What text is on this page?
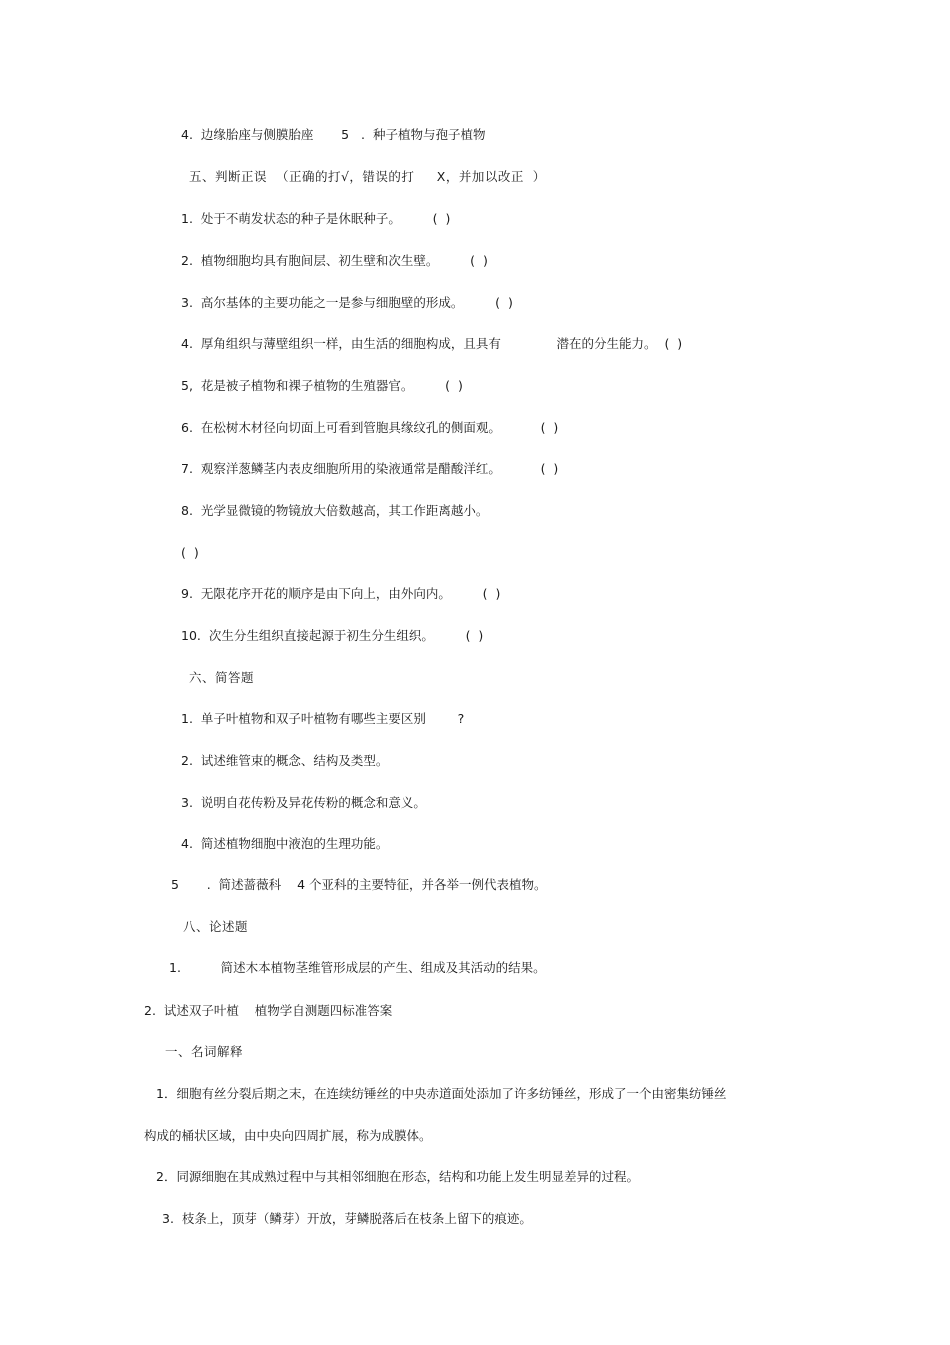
4.  边缘胎座与侧膜胎座       5   .  种子植物与孢子植物
五、判断正误  （正确的打√，错误的打     X，并加以改正  ）
1.  处于不萌发状态的种子是休眠种子。        (  )
2.  植物细胞均具有胞间层、初生壁和次生壁。        (  )
3.  高尔基体的主要功能之一是参与细胞壁的形成。        (  )
4.  厚角组织与薄壁组织一样，由生活的细胞构成，且具有              潜在的分生能力。  (  )
5,  花是被子植物和裸子植物的生殖器官。        (  )
6.  在松树木材径向切面上可看到管胞具缘纹孔的侧面观。          (  )
7.  观察洋葱鳞茎内表皮细胞所用的染液通常是醋酸洋红。          (  )
8.  光学显微镜的物镜放大倍数越高，其工作距离越小。
(  )
9.  无限花序开花的顺序是由下向上，由外向内。        (  )
10.  次生分生组织直接起源于初生分生组织。        (  )
六、简答题
1.  单子叶植物和双子叶植物有哪些主要区别        ?
2.  试述维管束的概念、结构及类型。
3.  说明自花传粉及异花传粉的概念和意义。
4.  简述植物细胞中液泡的生理功能。
5       .  简述蔷薇科    4 个亚科的主要特征，并各举一例代表植物。
八、论述题
1.          简述木本植物茎维管形成层的产生、组成及其活动的结果。
2.  试述双子叶植    植物学自测题四标准答案
一、名词解释
1．细胞有丝分裂后期之末，在连续纺锤丝的中央赤道面处添加了许多纺锤丝，形成了一个由密集纺锤丝
构成的桶状区域，由中央向四周扩展，称为成膜体。
2．同源细胞在其成熟过程中与其相邻细胞在形态，结构和功能上发生明显差异的过程。
3.  枝条上，顶芽（鳞芽）开放，芽鳞脱落后在枝条上留下的痕迹。
